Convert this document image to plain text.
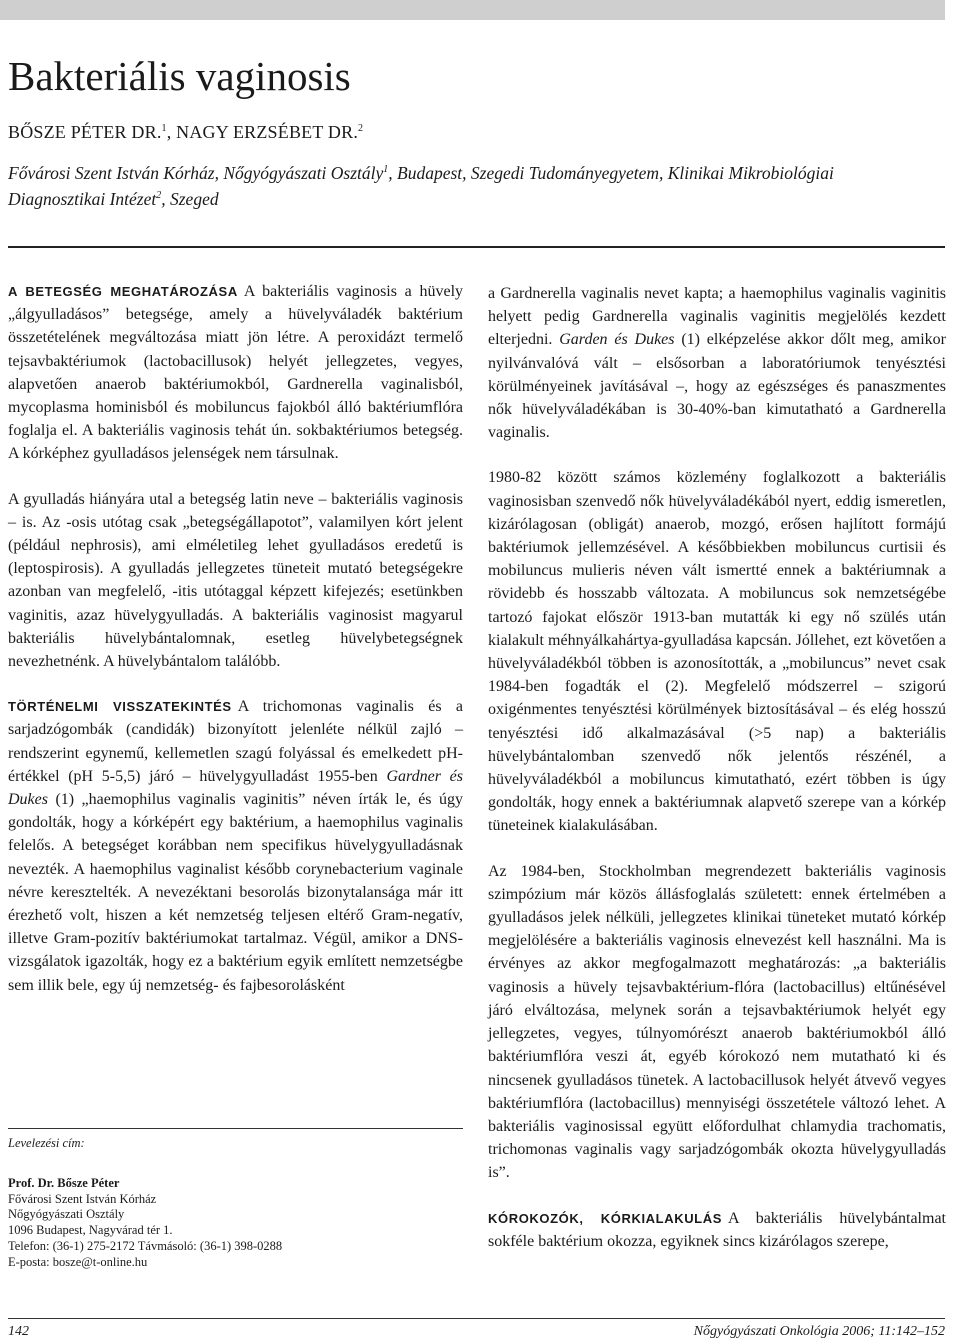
Bakteriális vaginosis
BŐSZE PÉTER DR.$^1$, NAGY ERZSÉBET DR.$^2$
Fővárosi Szent István Kórház, Nőgyógyászati Osztály$^1$, Budapest, Szegedi Tudományegyetem, Klinikai Mikrobiológiai Diagnosztikai Intézet$^2$, Szeged

A BETEGSÉG MEGHATÁROZÁSA A bakteriális vaginosis a hüvely „álgyulladásos” betegsége, amely a hüvelyváladék baktérium összetételének megváltozása miatt jön létre. A peroxidázt termelő tejsavbaktériumok (lactobacillusok) helyét jellegzetes, vegyes, alapvetően anaerob baktériumokból, Gardnerella vaginalisból, mycoplasma hominisból és mobiluncus fajokból álló baktériumflóra foglalja el. A bakteriális vaginosis tehát ún. sokbaktériumos betegség. A kórképhez gyulladásos jelenségek nem társulnak.

A gyulladás hiányára utal a betegség latin neve – bakteriális vaginosis – is. Az -osis utótag csak „betegségállapotot”, valamilyen kórt jelent (például nephrosis), ami elméletileg lehet gyulladásos eredetű is (leptospirosis). A gyulladás jellegzetes tüneteit mutató betegségekre azonban van megfelelő, -itis utótaggal képzett kifejezés; esetünkben vaginitis, azaz hüvelygyulladás. A bakteriális vaginosist magyarul bakteriális hüvelybántalomnak, esetleg hüvelybetegségnek nevezhetnénk. A hüvelybántalom találóbb.

TÖRTÉNELMI VISSZATEKINTÉS A trichomonas vaginalis és a sarjadzógombák (candidák) bizonyított jelenléte nélkül zajló – rendszerint egynemű, kellemetlen szagú folyással és emelkedett pH-értékkel (pH 5-5,5) járó – hüvelygyulladást 1955-ben Gardner és Dukes (1) „haemophilus vaginalis vaginitis” néven írták le, és úgy gondolták, hogy a kórképért egy baktérium, a haemophilus vaginalis felelős. A betegséget korábban nem specifikus hüvelygyulladásnak nevezték. A haemophilus vaginalist később corynebacterium vaginale névre keresztelték. A nevezéktani besorolás bizonytalansága már itt érezhető volt, hiszen a két nemzetség teljesen eltérő Gram-negatív, illetve Gram-pozitív baktériumokat tartalmaz. Végül, amikor a DNS-vizsgálatok igazolták, hogy ez a baktérium egyik említett nemzetségbe sem illik bele, egy új nemzetség- és fajbesorolásként

Levelezési cím:
Prof. Dr. Bősze Péter
Fővárosi Szent István Kórház
Nőgyógyászati Osztály
1096 Budapest, Nagyvárad tér 1.
Telefon: (36-1) 275-2172 Távmásoló: (36-1) 398-0288
E-posta: bosze@t-online.hu

a Gardnerella vaginalis nevet kapta; a haemophilus vaginalis vaginitis helyett pedig Gardnerella vaginalis vaginitis megjelölés kezdett elterjedni. Garden és Dukes (1) elképzelése akkor dőlt meg, amikor nyilvánvalóvá vált – elsősorban a laboratóriumok tenyésztési körülményeinek javításával –, hogy az egészséges és panaszmentes nők hüvelyváladékában is 30-40%-ban kimutatható a Gardnerella vaginalis.

1980-82 között számos közlemény foglalkozott a bakteriális vaginosisban szenvedő nők hüvelyváladékából nyert, eddig ismeretlen, kizárólagosan (obligát) anaerob, mozgó, erősen hajlított formájú baktériumok jellemzésével. A későbbiekben mobiluncus curtisii és mobiluncus mulieris néven vált ismertté ennek a baktériumnak a rövidebb és hosszabb változata. A mobiluncus sok nemzetségébe tartozó fajokat először 1913-ban mutatták ki egy nő szülés után kialakult méhnyálkahártya-gyulladása kapcsán. Jóllehet, ezt követően a hüvelyváladékból többen is azonosították, a „mobiluncus” nevet csak 1984-ben fogadták el (2). Megfelelő módszerrel – szigorú oxigénmentes tenyésztési körülmények biztosításával – és elég hosszú tenyésztési idő alkalmazásával (>5 nap) a bakteriális hüvelybántalomban szenvedő nők jelentős részénél, a hüvelyváladékból a mobiluncus kimutatható, ezért többen is úgy gondolták, hogy ennek a baktériumnak alapvető szerepe van a kórkép tüneteinek kialakulásában.

Az 1984-ben, Stockholmban megrendezett bakteriális vaginosis szimpózium már közös állásfoglalás született: ennek értelmében a gyulladásos jelek nélküli, jellegzetes klinikai tüneteket mutató kórkép megjelölésére a bakteriális vaginosis elnevezést kell használni. Ma is érvényes az akkor megfogalmazott meghatározás: „a bakteriális vaginosis a hüvely tejsavbaktérium-flóra (lactobacillus) eltűnésével járó elváltozása, melynek során a tejsavbaktériumok helyét egy jellegzetes, vegyes, túlnyomórészt anaerob baktériumokból álló baktériumflóra veszi át, egyéb kórokozó nem mutatható ki és nincsenek gyulladásos tünetek. A lactobacillusok helyét átvevő vegyes baktériumflóra (lactobacillus) mennyiségi összetétele változó lehet. A bakteriális vaginosissal együtt előfordulhat chlamydia trachomatis, trichomonas vaginalis vagy sarjadzógombák okozta hüvelygyulladás is”.

KÓROKOZÓK, KÓRKIALAKULÁS A bakteriális hüvelybántalmat sokféle baktérium okozza, egyiknek sincs kizárólagos szerepe,

142	Nőgyógyászati Onkológia 2006; 11:142–152
